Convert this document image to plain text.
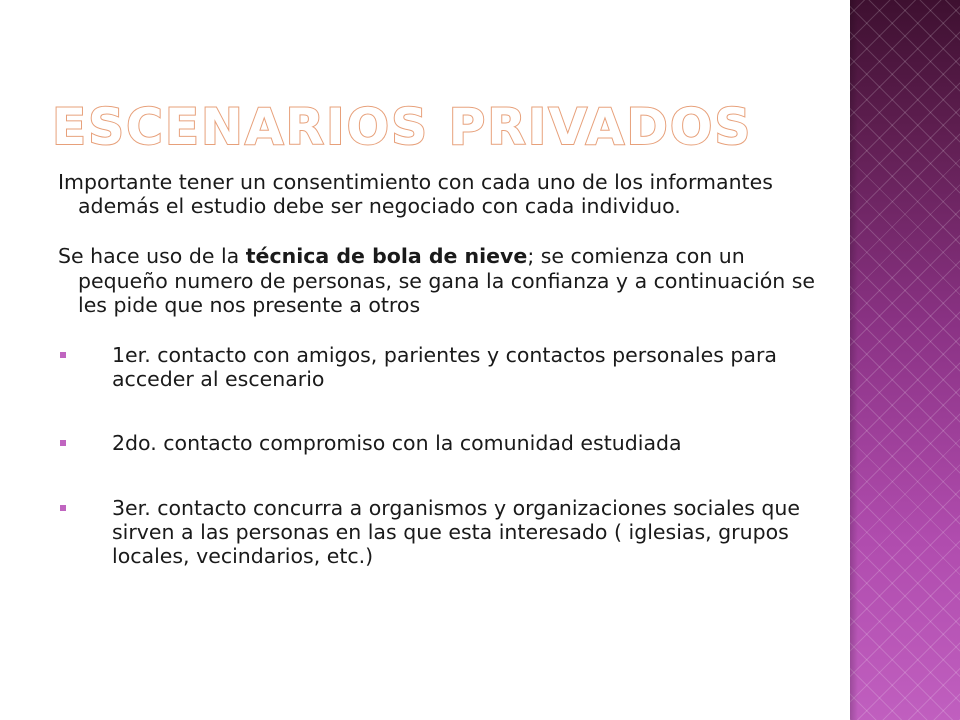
ESCENARIOS PRIVADOS

Importante tener un consentimiento con cada uno de los informantes además el estudio debe ser negociado con cada individuo.

Se hace uso de la técnica de bola de nieve; se comienza con un pequeño numero de personas, se gana la confianza y a continuación se les pide que nos presente a otros

1er. contacto con amigos, parientes y contactos personales para acceder al escenario
2do. contacto compromiso con la comunidad estudiada
3er. contacto concurra a organismos y organizaciones sociales que sirven a las personas en las que esta interesado ( iglesias, grupos locales, vecindarios, etc.)
